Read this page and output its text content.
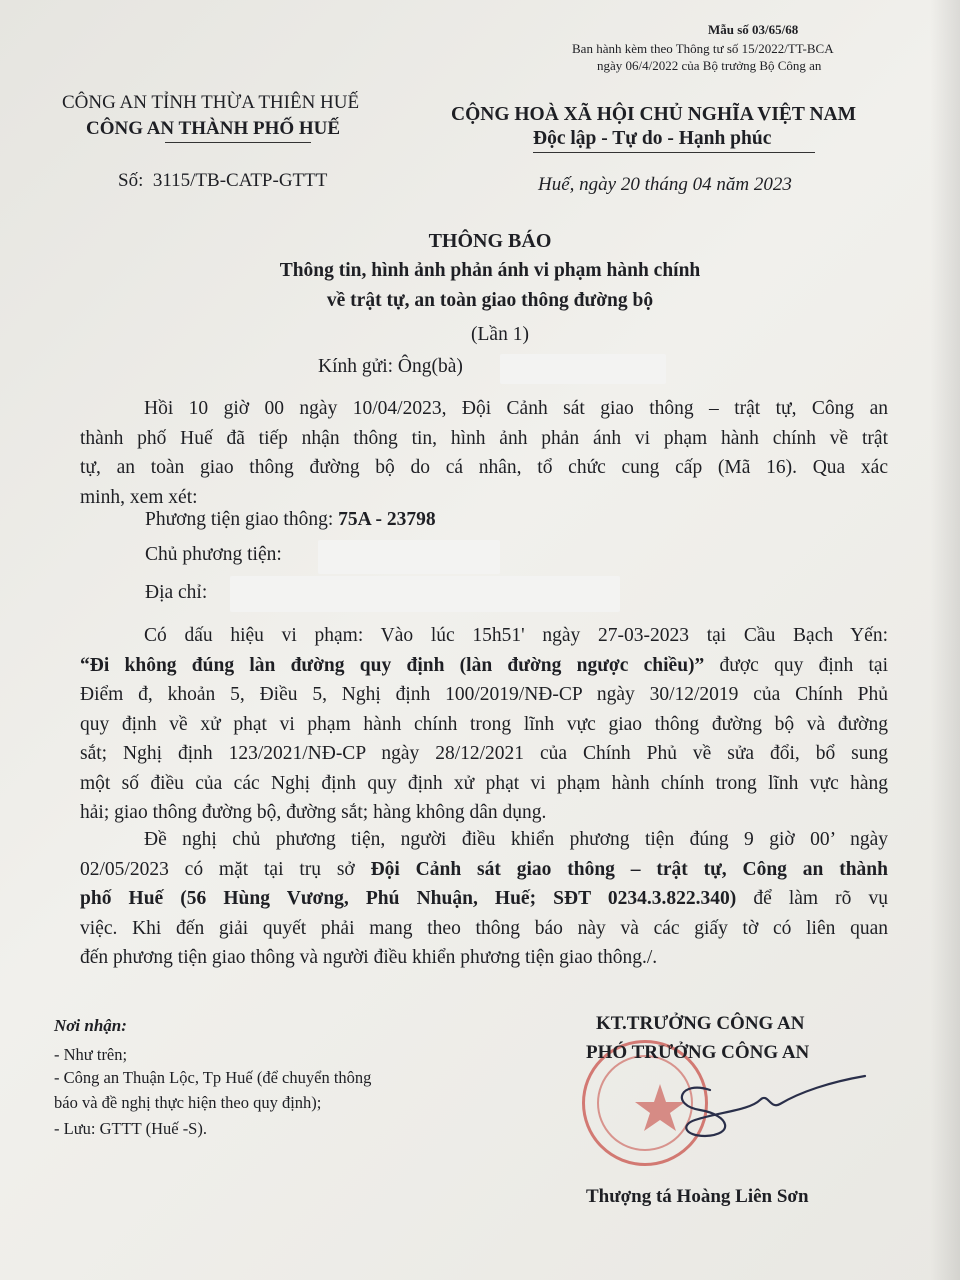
Mẫu số 03/65/68
Ban hành kèm theo Thông tư số 15/2022/TT-BCA
ngày 06/4/2022 của Bộ trưởng Bộ Công an
CÔNG AN TỈNH THỪA THIÊN HUẾ
CÔNG AN THÀNH PHỐ HUẾ
Số: 3115/TB-CATP-GTTT
CỘNG HOÀ XÃ HỘI CHỦ NGHĨA VIỆT NAM
Độc lập - Tự do - Hạnh phúc
Huế, ngày 20 tháng 04 năm 2023
THÔNG BÁO
Thông tin, hình ảnh phản ánh vi phạm hành chính
về trật tự, an toàn giao thông đường bộ
(Lần 1)
Kính gửi: Ông(bà)
Hồi 10 giờ 00 ngày 10/04/2023, Đội Cảnh sát giao thông – trật tự, Công an
thành phố Huế đã tiếp nhận thông tin, hình ảnh phản ánh vi phạm hành chính về trật
tự, an toàn giao thông đường bộ do cá nhân, tổ chức cung cấp (Mã 16). Qua xác
minh, xem xét:
Phương tiện giao thông: 75A - 23798
Chủ phương tiện:
Địa chỉ:
Có dấu hiệu vi phạm: Vào lúc 15h51' ngày 27-03-2023 tại Cầu Bạch Yến:
“Đi không đúng làn đường quy định (làn đường ngược chiều)” được quy định tại
Điểm đ, khoản 5, Điều 5, Nghị định 100/2019/NĐ-CP ngày 30/12/2019 của Chính Phủ
quy định về xử phạt vi phạm hành chính trong lĩnh vực giao thông đường bộ và đường
sắt; Nghị định 123/2021/NĐ-CP ngày 28/12/2021 của Chính Phủ về sửa đổi, bổ sung
một số điều của các Nghị định quy định xử phạt vi phạm hành chính trong lĩnh vực hàng
hải; giao thông đường bộ, đường sắt; hàng không dân dụng.
Đề nghị chủ phương tiện, người điều khiển phương tiện đúng 9 giờ 00’ ngày
02/05/2023 có mặt tại trụ sở Đội Cảnh sát giao thông – trật tự, Công an thành
phố Huế (56 Hùng Vương, Phú Nhuận, Huế; SĐT 0234.3.822.340) để làm rõ vụ
việc. Khi đến giải quyết phải mang theo thông báo này và các giấy tờ có liên quan
đến phương tiện giao thông và người điều khiển phương tiện giao thông./.
Nơi nhận:
- Như trên;
- Công an Thuận Lộc, Tp Huế (để chuyển thông
báo và đề nghị thực hiện theo quy định);
- Lưu: GTTT (Huế -S).
KT.TRƯỞNG CÔNG AN
PHÓ TRƯỞNG CÔNG AN
Thượng tá Hoàng Liên Sơn
